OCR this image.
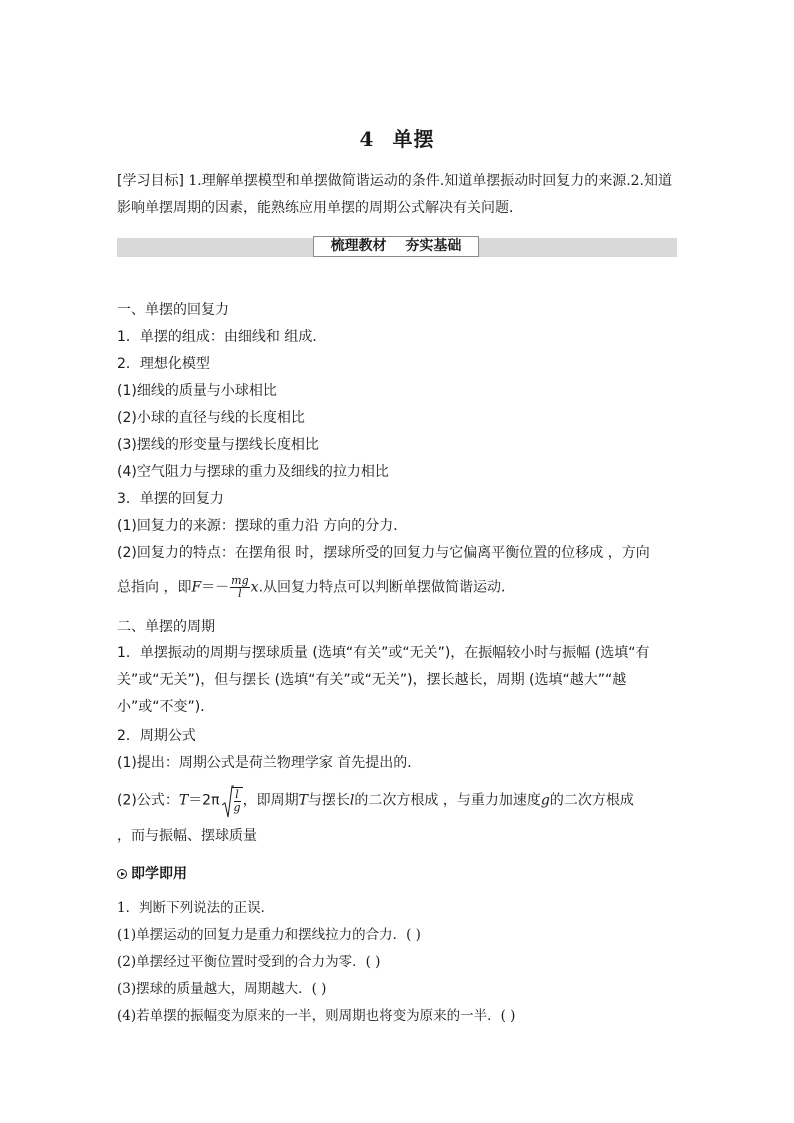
4 单摆
[学习目标] 1.理解单摆模型和单摆做简谐运动的条件.知道单摆振动时回复力的来源.2.知道影响单摆周期的因素，能熟练应用单摆的周期公式解决有关问题．
梳理教材 夯实基础
一、单摆的回复力
1．单摆的组成：由细线和 组成．
2．理想化模型
(1)细线的质量与小球相比
(2)小球的直径与线的长度相比
(3)摆线的形变量与摆线长度相比
(4)空气阻力与摆球的重力及细线的拉力相比
3．单摆的回复力
(1)回复力的来源：摆球的重力沿 方向的分力．
(2)回复力的特点：在摆角很 时，摆球所受的回复力与它偏离平衡位置的位移成 ，方向
总指向 ，即$F=- \frac{mg}{l} x$.从回复力特点可以判断单摆做简谐运动．
二、单摆的周期
1．单摆振动的周期与摆球质量 (选填“有关”或“无关”)，在振幅较小时与振幅 (选填“有关”或“无关”)，但与摆长 (选填“有关”或“无关”)，摆长越长，周期 (选填“越大”“越小”或“不变”)．
2．周期公式
(1)提出：周期公式是荷兰物理学家 首先提出的．
(2)公式：$T=2\pi \frac{l}{g}$ ，即周期T与摆长l的二次方根成 ，与重力加速度g的二次方根成
，而与振幅、摆球质量
即学即用
1．判断下列说法的正误．
(1)单摆运动的回复力是重力和摆线拉力的合力．( )
(2)单摆经过平衡位置时受到的合力为零．( )
(3)摆球的质量越大，周期越大．( )
(4)若单摆的振幅变为原来的一半，则周期也将变为原来的一半．( )
